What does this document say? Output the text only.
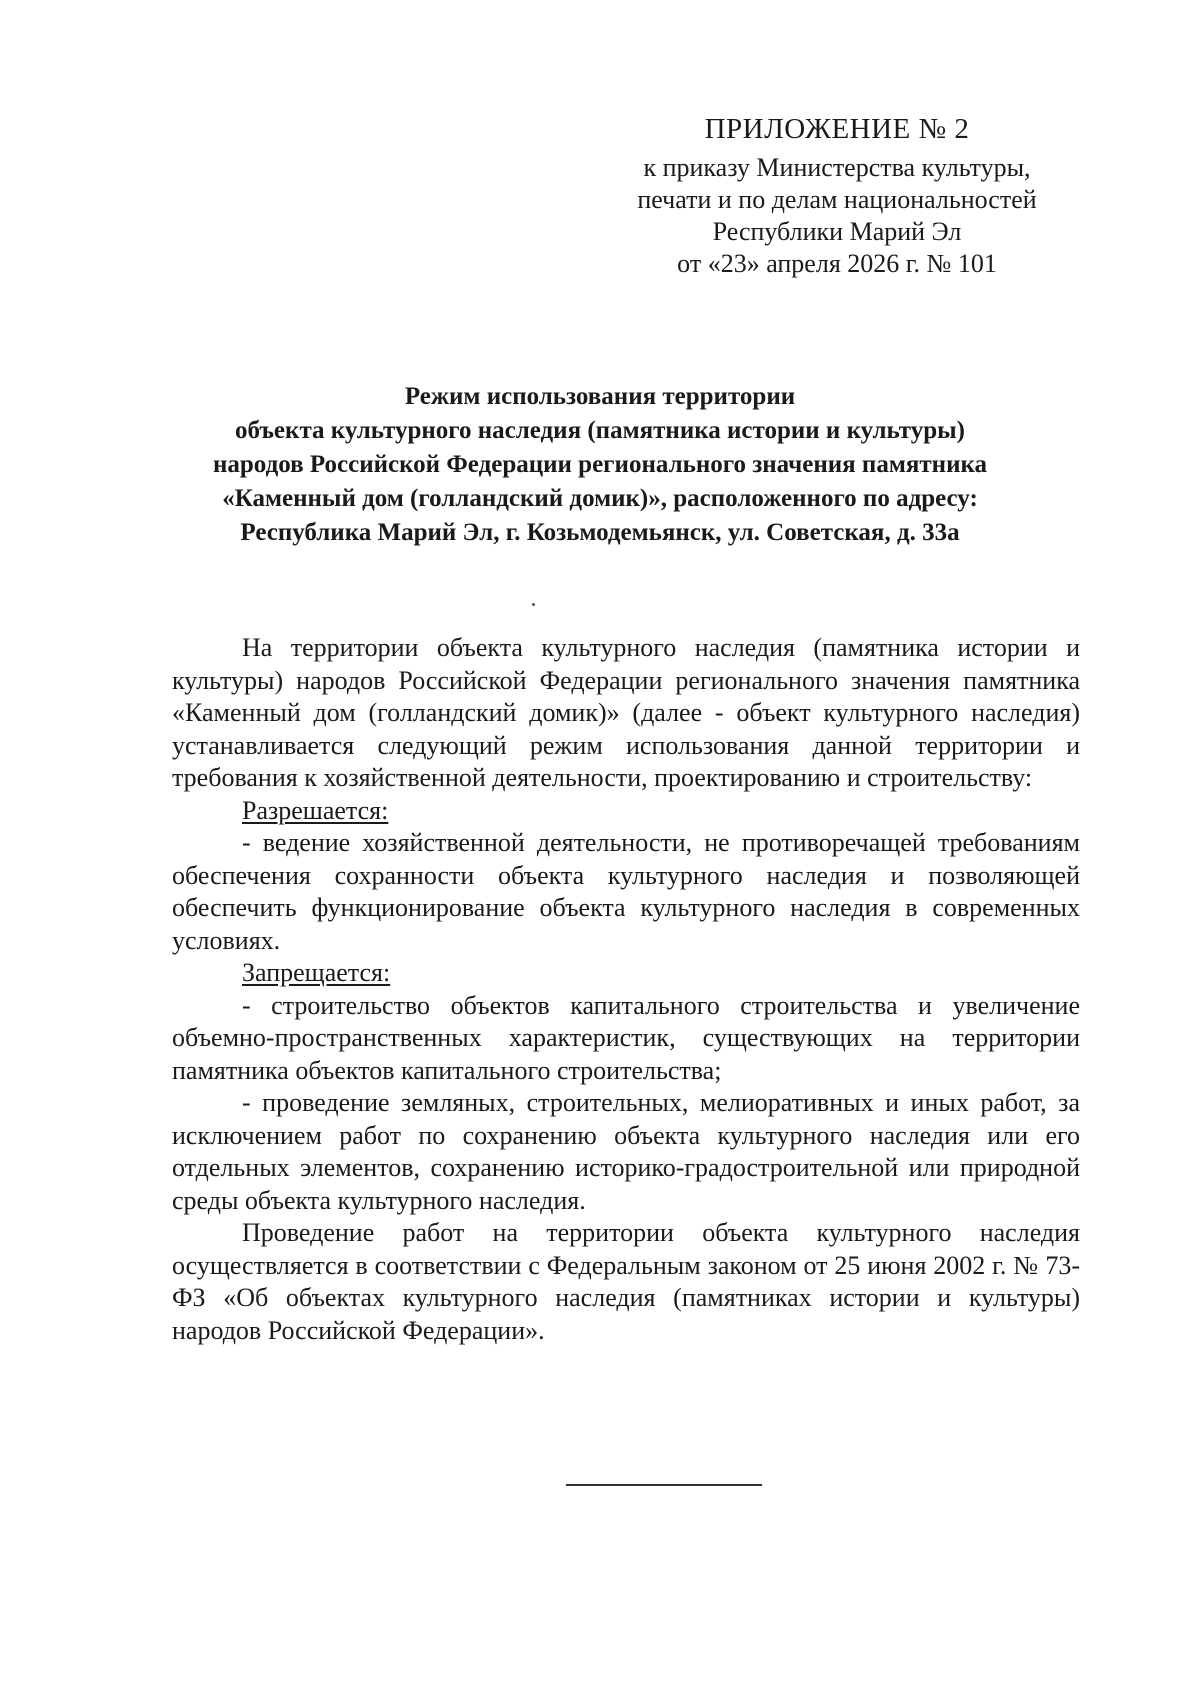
ПРИЛОЖЕНИЕ № 2
к приказу Министерства культуры,
печати и по делам национальностей
Республики Марий Эл
от «23» апреля 2026 г. № 101
Режим использования территории
объекта культурного наследия (памятника истории и культуры)
народов Российской Федерации регионального значения памятника
«Каменный дом (голландский домик)», расположенного по адресу:
Республика Марий Эл, г. Козьмодемьянск, ул. Советская, д. 33а

На территории объекта культурного наследия (памятника истории и культуры) народов Российской Федерации регионального значения памятника «Каменный дом (голландский домик)» (далее - объект культурного наследия) устанавливается следующий режим использования данной территории и требования к хозяйственной деятельности, проектированию и строительству:

Разрешается:

- ведение хозяйственной деятельности, не противоречащей требованиям обеспечения сохранности объекта культурного наследия и позволяющей обеспечить функционирование объекта культурного наследия в современных условиях.

Запрещается:

- строительство объектов капитального строительства и увеличение объемно-пространственных характеристик, существующих на территории памятника объектов капитального строительства;

- проведение земляных, строительных, мелиоративных и иных работ, за исключением работ по сохранению объекта культурного наследия или его отдельных элементов, сохранению историко-градостроительной или природной среды объекта культурного наследия.

Проведение работ на территории объекта культурного наследия осуществляется в соответствии с Федеральным законом от 25 июня 2002 г. № 73-ФЗ «Об объектах культурного наследия (памятниках истории и культуры) народов Российской Федерации».
